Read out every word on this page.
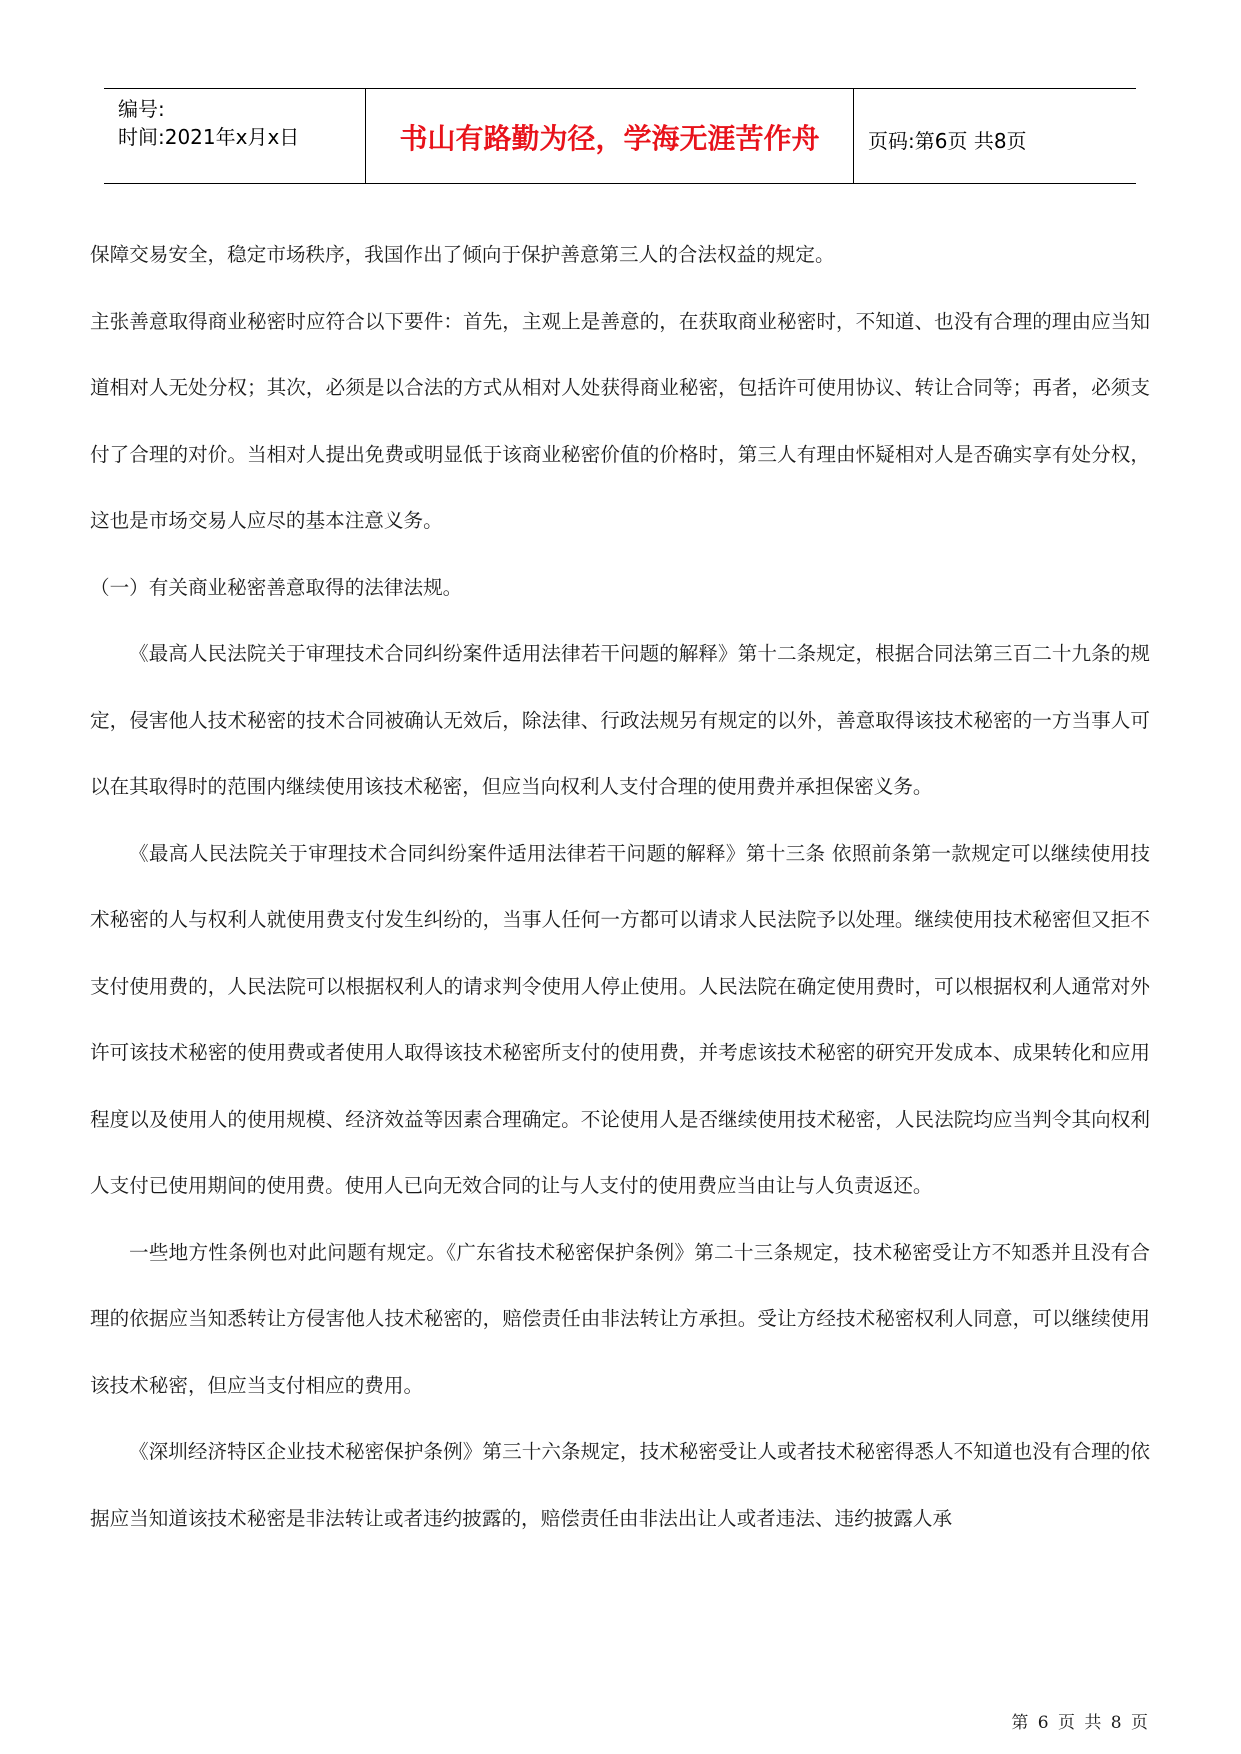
编号:
时间:2021年x月x日	书山有路勤为径，学海无涯苦作舟	页码:第6页 共8页

保障交易安全，稳定市场秩序，我国作出了倾向于保护善意第三人的合法权益的规定。

主张善意取得商业秘密时应符合以下要件：首先，主观上是善意的，在获取商业秘密时，不知道、也没有合理的理由应当知道相对人无处分权；其次，必须是以合法的方式从相对人处获得商业秘密，包括许可使用协议、转让合同等；再者，必须支付了合理的对价。当相对人提出免费或明显低于该商业秘密价值的价格时，第三人有理由怀疑相对人是否确实享有处分权，这也是市场交易人应尽的基本注意义务。

（一）有关商业秘密善意取得的法律法规。

《最高人民法院关于审理技术合同纠纷案件适用法律若干问题的解释》第十二条规定，根据合同法第三百二十九条的规定，侵害他人技术秘密的技术合同被确认无效后，除法律、行政法规另有规定的以外，善意取得该技术秘密的一方当事人可以在其取得时的范围内继续使用该技术秘密，但应当向权利人支付合理的使用费并承担保密义务。

《最高人民法院关于审理技术合同纠纷案件适用法律若干问题的解释》第十三条 依照前条第一款规定可以继续使用技术秘密的人与权利人就使用费支付发生纠纷的，当事人任何一方都可以请求人民法院予以处理。继续使用技术秘密但又拒不支付使用费的，人民法院可以根据权利人的请求判令使用人停止使用。人民法院在确定使用费时，可以根据权利人通常对外许可该技术秘密的使用费或者使用人取得该技术秘密所支付的使用费，并考虑该技术秘密的研究开发成本、成果转化和应用程度以及使用人的使用规模、经济效益等因素合理确定。不论使用人是否继续使用技术秘密，人民法院均应当判令其向权利人支付已使用期间的使用费。使用人已向无效合同的让与人支付的使用费应当由让与人负责返还。

一些地方性条例也对此问题有规定。《广东省技术秘密保护条例》第二十三条规定，技术秘密受让方不知悉并且没有合理的依据应当知悉转让方侵害他人技术秘密的，赔偿责任由非法转让方承担。受让方经技术秘密权利人同意，可以继续使用该技术秘密，但应当支付相应的费用。

《深圳经济特区企业技术秘密保护条例》第三十六条规定，技术秘密受让人或者技术秘密得悉人不知道也没有合理的依据应当知道该技术秘密是非法转让或者违约披露的，赔偿责任由非法出让人或者违法、违约披露人承

第 6 页 共 8 页
